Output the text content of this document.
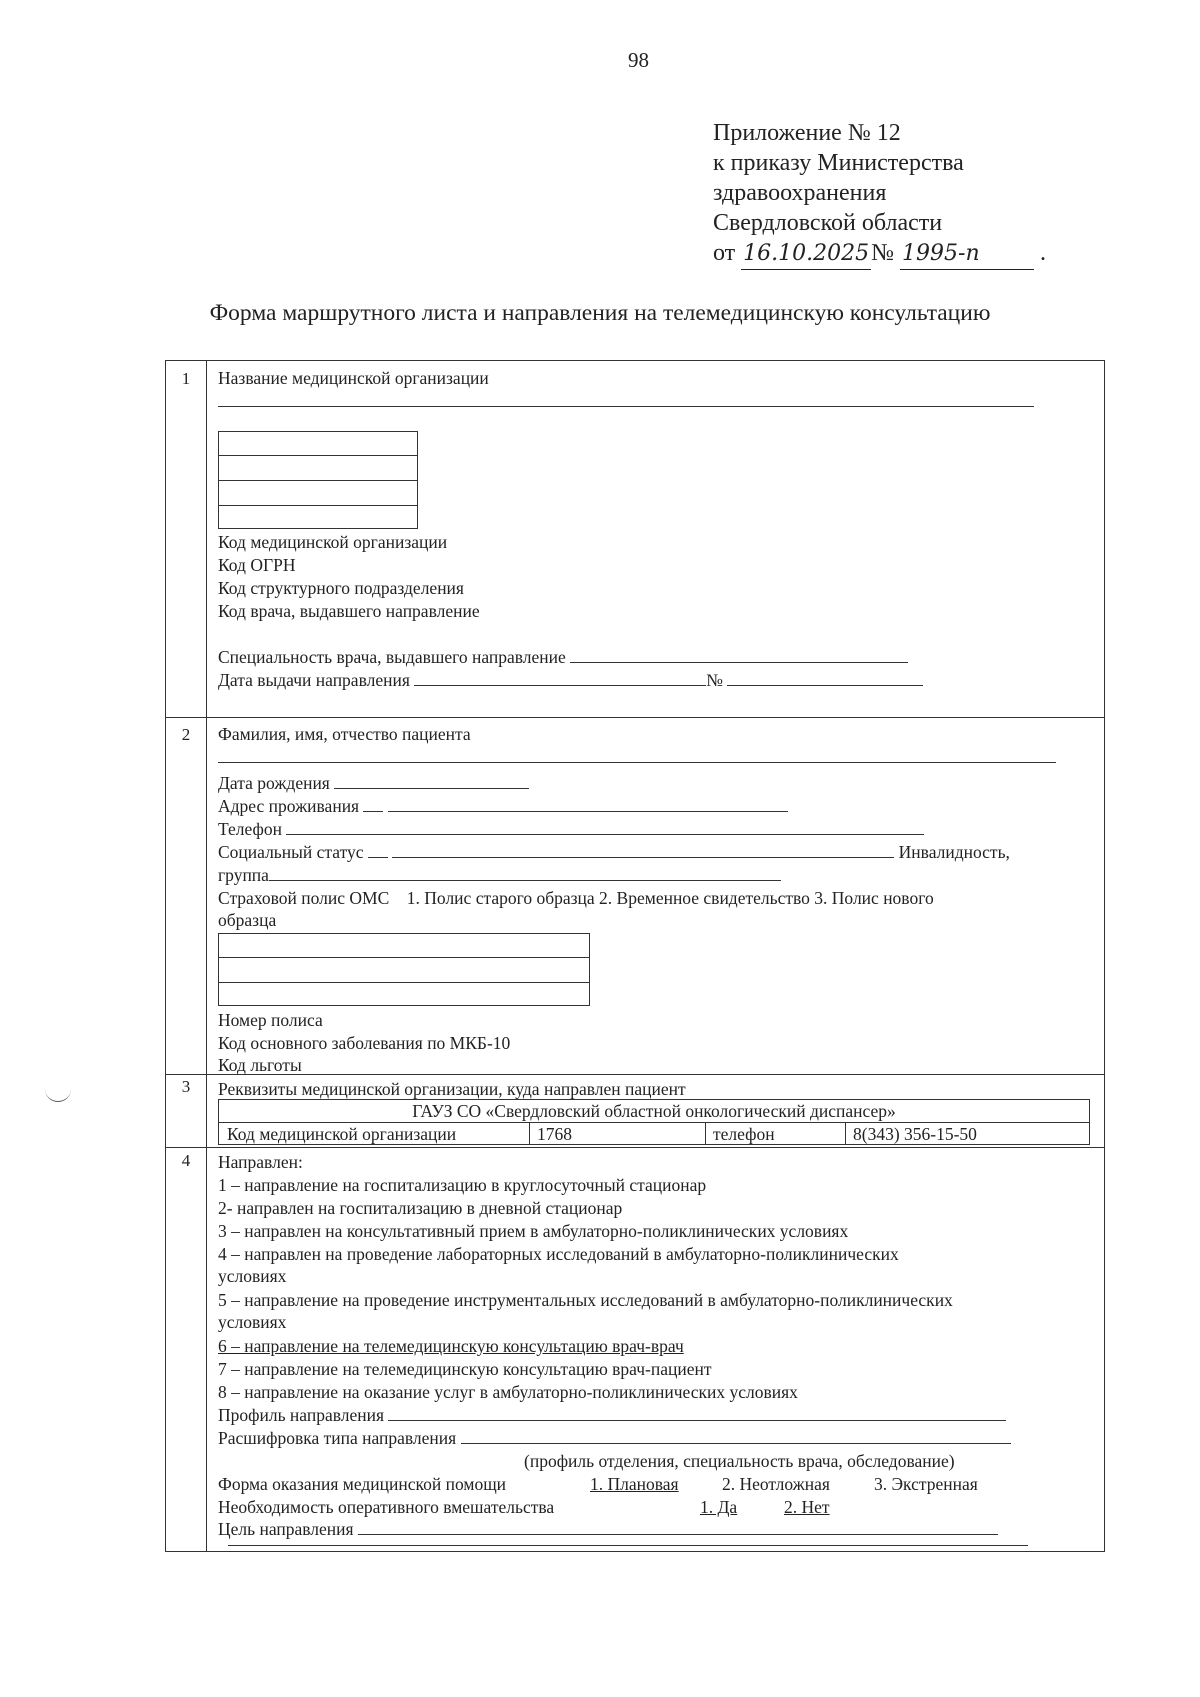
98
Приложение № 12
к приказу Министерства
здравоохранения
Свердловской области
от 16.10.2025№ 1995-п	.
Форма маршрутного листа и направления на телемедицинскую консультацию
1	Название медицинской организации
Код медицинской организации
Код ОГРН
Код структурного подразделения
Код врача, выдавшего направление
Специальность врача, выдавшего направление
Дата выдачи направления	№
2	Фамилия, имя, отчество пациента
Дата рождения
Адрес проживания
Телефон
Социальный статус	Инвалидность,
группа
Страховой полис ОМС 1. Полис старого образца 2. Временное свидетельство 3. Полис нового
образца
Номер полиса
Код основного заболевания по МКБ-10
Код льготы
3	Реквизиты медицинской организации, куда направлен пациент
ГАУЗ СО «Свердловский областной онкологический диспансер»
Код медицинской организации	1768	телефон	8(343) 356-15-50
4	Направлен:
1 – направление на госпитализацию в круглосуточный стационар
2- направлен на госпитализацию в дневной стационар
3 – направлен на консультативный прием в амбулаторно-поликлинических условиях
4 – направлен на проведение лабораторных исследований в амбулаторно-поликлинических
условиях
5 – направление на проведение инструментальных исследований в амбулаторно-поликлинических
условиях
6 – направление на телемедицинскую консультацию врач-врач
7 – направление на телемедицинскую консультацию врач-пациент
8 – направление на оказание услуг в амбулаторно-поликлинических условиях
Профиль направления
Расшифровка типа направления
(профиль отделения, специальность врача, обследование)
Форма оказания медицинской помощи	1. Плановая 2. Неотложная	3. Экстренная
Необходимость оперативного вмешательства	1. Да	2. Нет
Цель направления
